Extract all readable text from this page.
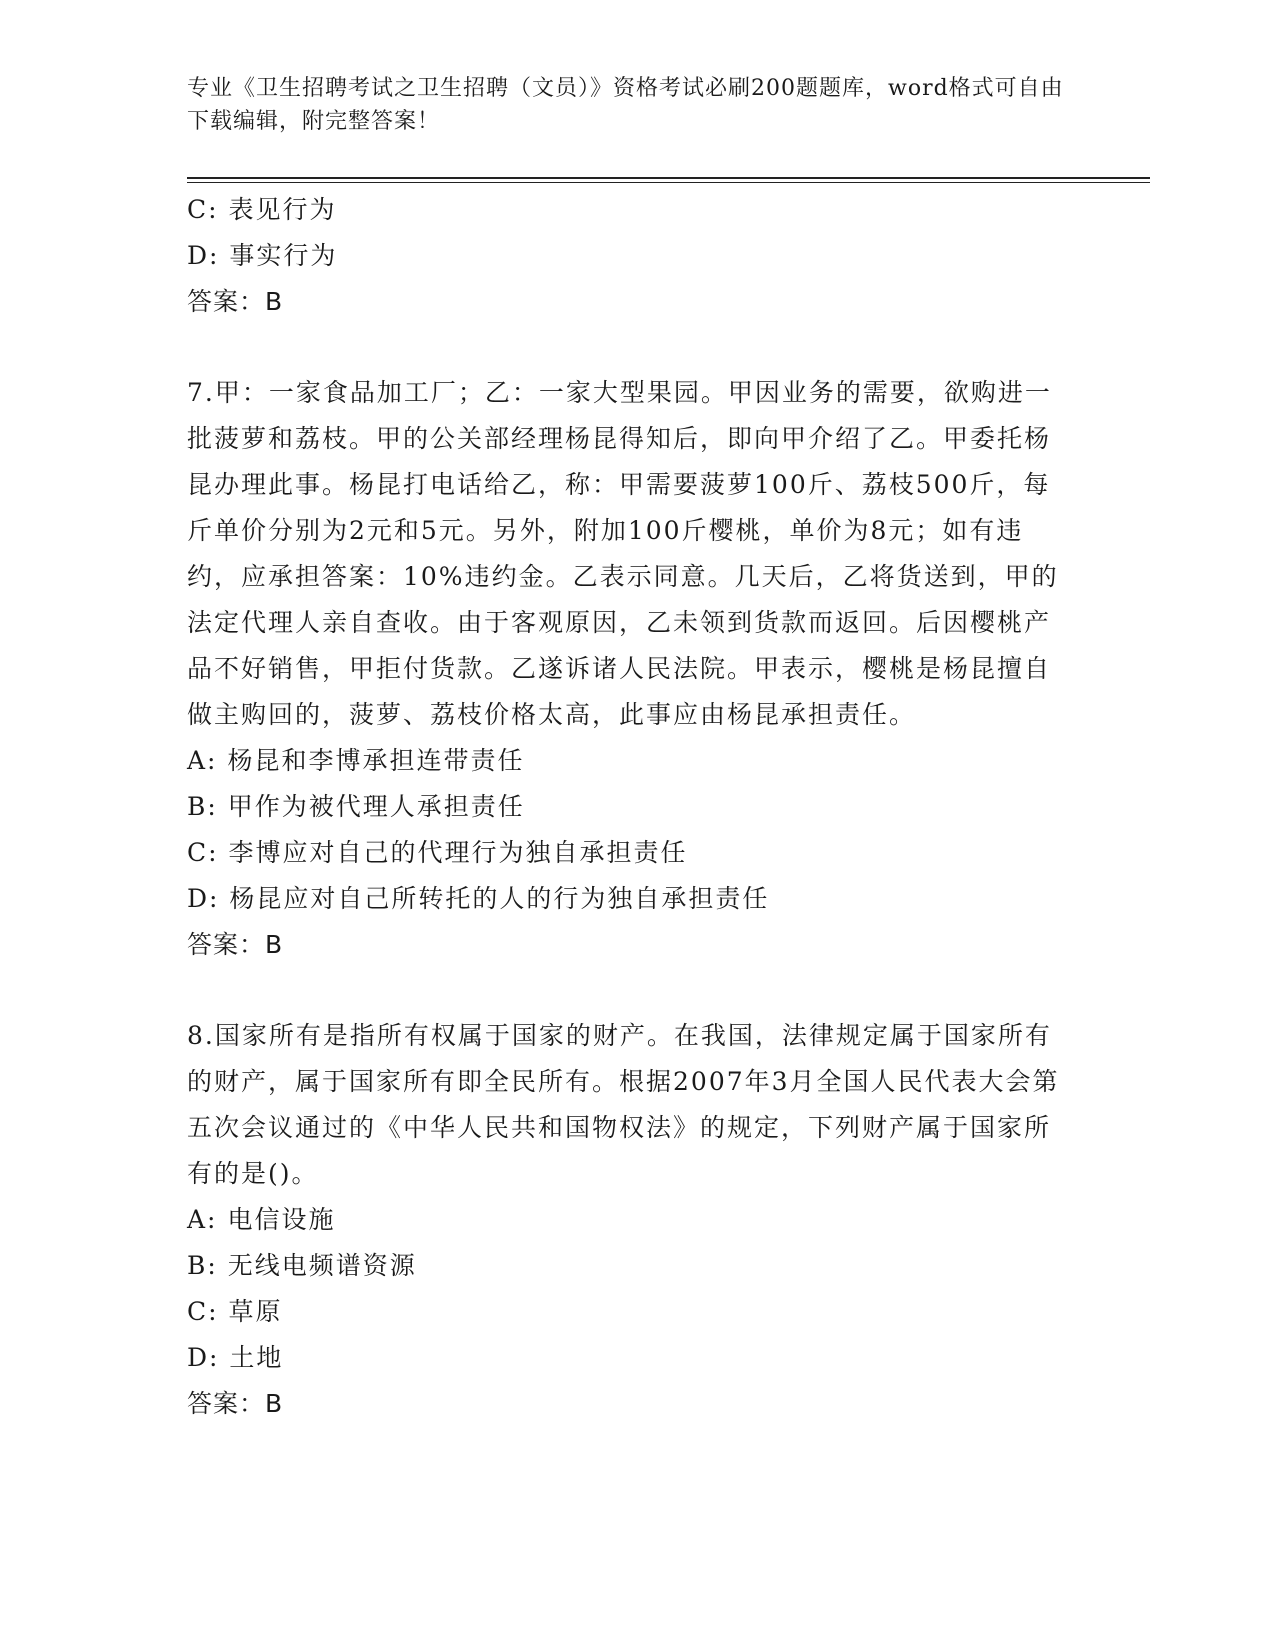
专业《卫生招聘考试之卫生招聘（文员）》资格考试必刷200题题库，word格式可自由下载编辑，附完整答案！
C: 表见行为
D: 事实行为
答案：B
7.甲：一家食品加工厂；乙：一家大型果园。甲因业务的需要，欲购进一批菠萝和荔枝。甲的公关部经理杨昆得知后，即向甲介绍了乙。甲委托杨昆办理此事。杨昆打电话给乙，称：甲需要菠萝100斤、荔枝500斤，每斤单价分别为2元和5元。另外，附加100斤樱桃，单价为8元；如有违约，应承担答案：10%违约金。乙表示同意。几天后，乙将货送到，甲的法定代理人亲自查收。由于客观原因，乙未领到货款而返回。后因樱桃产品不好销售，甲拒付货款。乙遂诉诸人民法院。甲表示，樱桃是杨昆擅自做主购回的，菠萝、荔枝价格太高，此事应由杨昆承担责任。
A: 杨昆和李博承担连带责任
B: 甲作为被代理人承担责任
C: 李博应对自己的代理行为独自承担责任
D: 杨昆应对自己所转托的人的行为独自承担责任
答案：B
8.国家所有是指所有权属于国家的财产。在我国，法律规定属于国家所有的财产，属于国家所有即全民所有。根据2007年3月全国人民代表大会第五次会议通过的《中华人民共和国物权法》的规定，下列财产属于国家所有的是()。
A: 电信设施
B: 无线电频谱资源
C: 草原
D: 土地
答案：B
